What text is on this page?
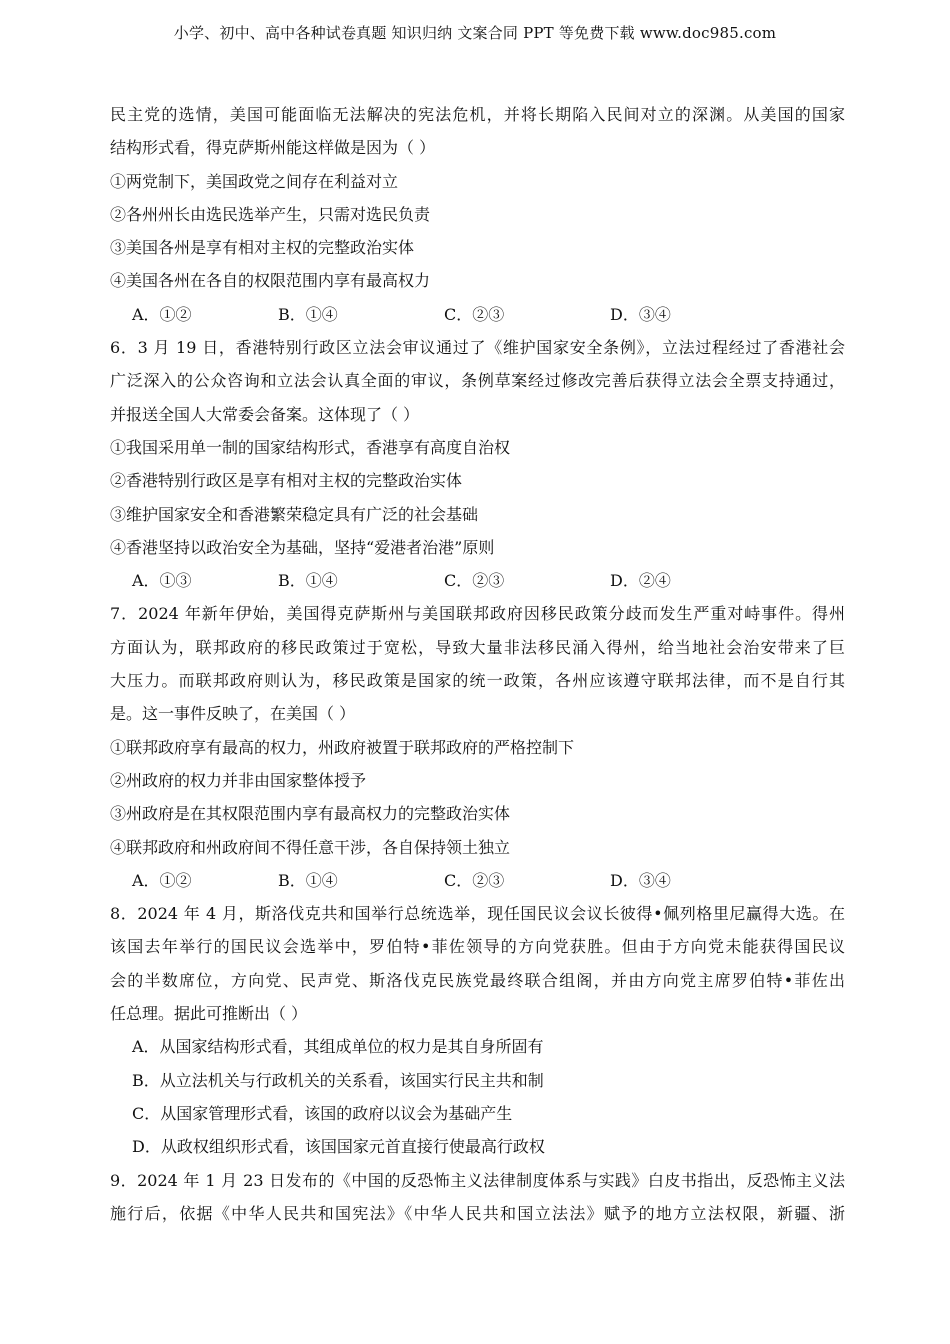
小学、初中、高中各种试卷真题 知识归纳 文案合同 PPT 等免费下载 www.doc985.com
民主党的选情，美国可能面临无法解决的宪法危机，并将长期陷入民间对立的深渊。从美国的国家
结构形式看，得克萨斯州能这样做是因为（ ）
①两党制下，美国政党之间存在利益对立
②各州州长由选民选举产生，只需对选民负责
③美国各州是享有相对主权的完整政治实体
④美国各州在各自的权限范围内享有最高权力
A．①②	B．①④	C．②③	D．③④
6．3 月 19 日，香港特别行政区立法会审议通过了《维护国家安全条例》，立法过程经过了香港社会
广泛深入的公众咨询和立法会认真全面的审议，条例草案经过修改完善后获得立法会全票支持通过，
并报送全国人大常委会备案。这体现了（ ）
①我国采用单一制的国家结构形式，香港享有高度自治权
②香港特别行政区是享有相对主权的完整政治实体
③维护国家安全和香港繁荣稳定具有广泛的社会基础
④香港坚持以政治安全为基础，坚持“爱港者治港”原则
A．①③	B．①④	C．②③	D．②④
7．2024 年新年伊始，美国得克萨斯州与美国联邦政府因移民政策分歧而发生严重对峙事件。得州
方面认为，联邦政府的移民政策过于宽松，导致大量非法移民涌入得州，给当地社会治安带来了巨
大压力。而联邦政府则认为，移民政策是国家的统一政策，各州应该遵守联邦法律，而不是自行其
是。这一事件反映了，在美国（ ）
①联邦政府享有最高的权力，州政府被置于联邦政府的严格控制下
②州政府的权力并非由国家整体授予
③州政府是在其权限范围内享有最高权力的完整政治实体
④联邦政府和州政府间不得任意干涉，各自保持领土独立
A．①②	B．①④	C．②③	D．③④
8．2024 年 4 月，斯洛伐克共和国举行总统选举，现任国民议会议长彼得•佩列格里尼赢得大选。在
该国去年举行的国民议会选举中，罗伯特•菲佐领导的方向党获胜。但由于方向党未能获得国民议
会的半数席位，方向党、民声党、斯洛伐克民族党最终联合组阁，并由方向党主席罗伯特•菲佐出
任总理。据此可推断出（ ）
A．从国家结构形式看，其组成单位的权力是其自身所固有
B．从立法机关与行政机关的关系看，该国实行民主共和制
C．从国家管理形式看，该国的政府以议会为基础产生
D．从政权组织形式看，该国国家元首直接行使最高行政权
9．2024 年 1 月 23 日发布的《中国的反恐怖主义法律制度体系与实践》白皮书指出，反恐怖主义法
施行后，依据《中华人民共和国宪法》《中华人民共和国立法法》赋予的地方立法权限，新疆、浙
